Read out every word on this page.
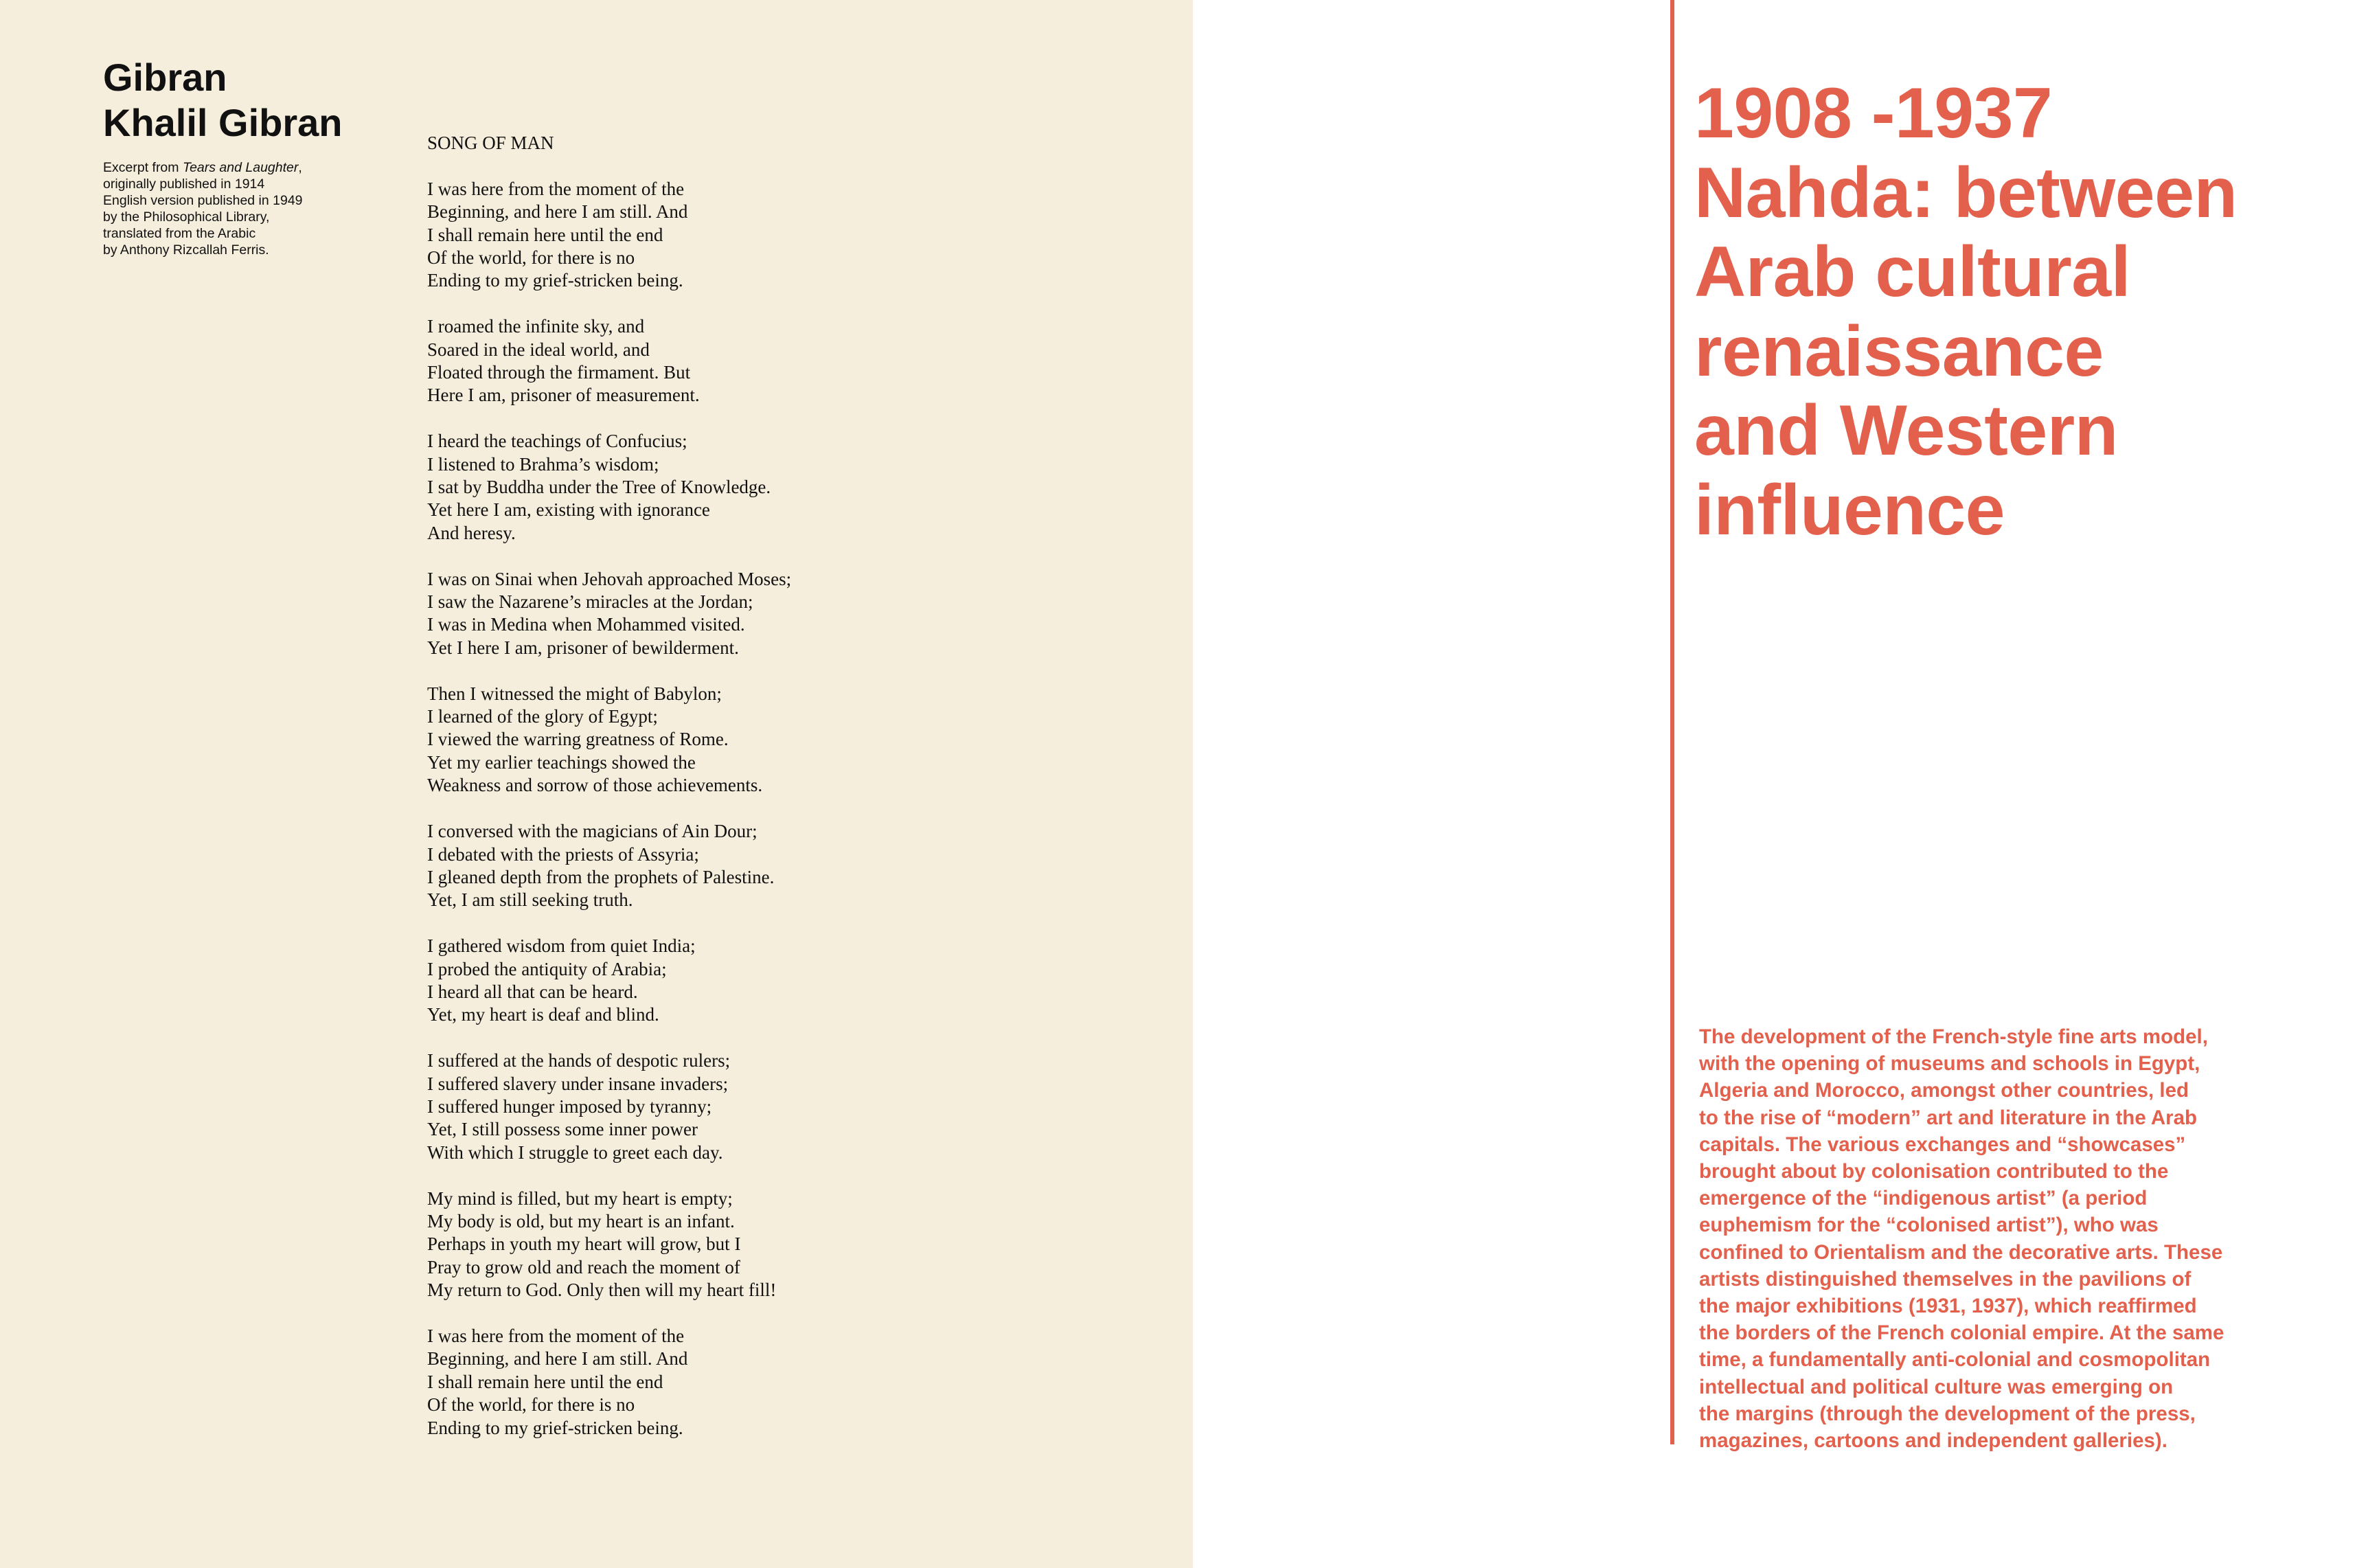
Gibran
Khalil Gibran
Excerpt from Tears and Laughter,
originally published in 1914
English version published in 1949
by the Philosophical Library,
translated from the Arabic
by Anthony Rizcallah Ferris.
SONG OF MAN
I was here from the moment of the
Beginning, and here I am still. And
I shall remain here until the end
Of the world, for there is no
Ending to my grief-stricken being.
I roamed the infinite sky, and
Soared in the ideal world, and
Floated through the firmament. But
Here I am, prisoner of measurement.
I heard the teachings of Confucius;
I listened to Brahma’s wisdom;
I sat by Buddha under the Tree of Knowledge.
Yet here I am, existing with ignorance
And heresy.
I was on Sinai when Jehovah approached Moses;
I saw the Nazarene’s miracles at the Jordan;
I was in Medina when Mohammed visited.
Yet I here I am, prisoner of bewilderment.
Then I witnessed the might of Babylon;
I learned of the glory of Egypt;
I viewed the warring greatness of Rome.
Yet my earlier teachings showed the
Weakness and sorrow of those achievements.
I conversed with the magicians of Ain Dour;
I debated with the priests of Assyria;
I gleaned depth from the prophets of Palestine.
Yet, I am still seeking truth.
I gathered wisdom from quiet India;
I probed the antiquity of Arabia;
I heard all that can be heard.
Yet, my heart is deaf and blind.
I suffered at the hands of despotic rulers;
I suffered slavery under insane invaders;
I suffered hunger imposed by tyranny;
Yet, I still possess some inner power
With which I struggle to greet each day.
My mind is filled, but my heart is empty;
My body is old, but my heart is an infant.
Perhaps in youth my heart will grow, but I
Pray to grow old and reach the moment of
My return to God. Only then will my heart fill!
I was here from the moment of the
Beginning, and here I am still. And
I shall remain here until the end
Of the world, for there is no
Ending to my grief-stricken being.
1908 -1937
Nahda: between
Arab cultural
renaissance
and Western
influence
The development of the French-style fine arts model,
with the opening of museums and schools in Egypt,
Algeria and Morocco, amongst other countries, led
to the rise of “modern” art and literature in the Arab
capitals. The various exchanges and “showcases”
brought about by colonisation contributed to the
emergence of the “indigenous artist” (a period
euphemism for the “colonised artist”), who was
confined to Orientalism and the decorative arts. These
artists distinguished themselves in the pavilions of
the major exhibitions (1931, 1937), which reaffirmed
the borders of the French colonial empire. At the same
time, a fundamentally anti-colonial and cosmopolitan
intellectual and political culture was emerging on
the margins (through the development of the press,
magazines, cartoons and independent galleries).
